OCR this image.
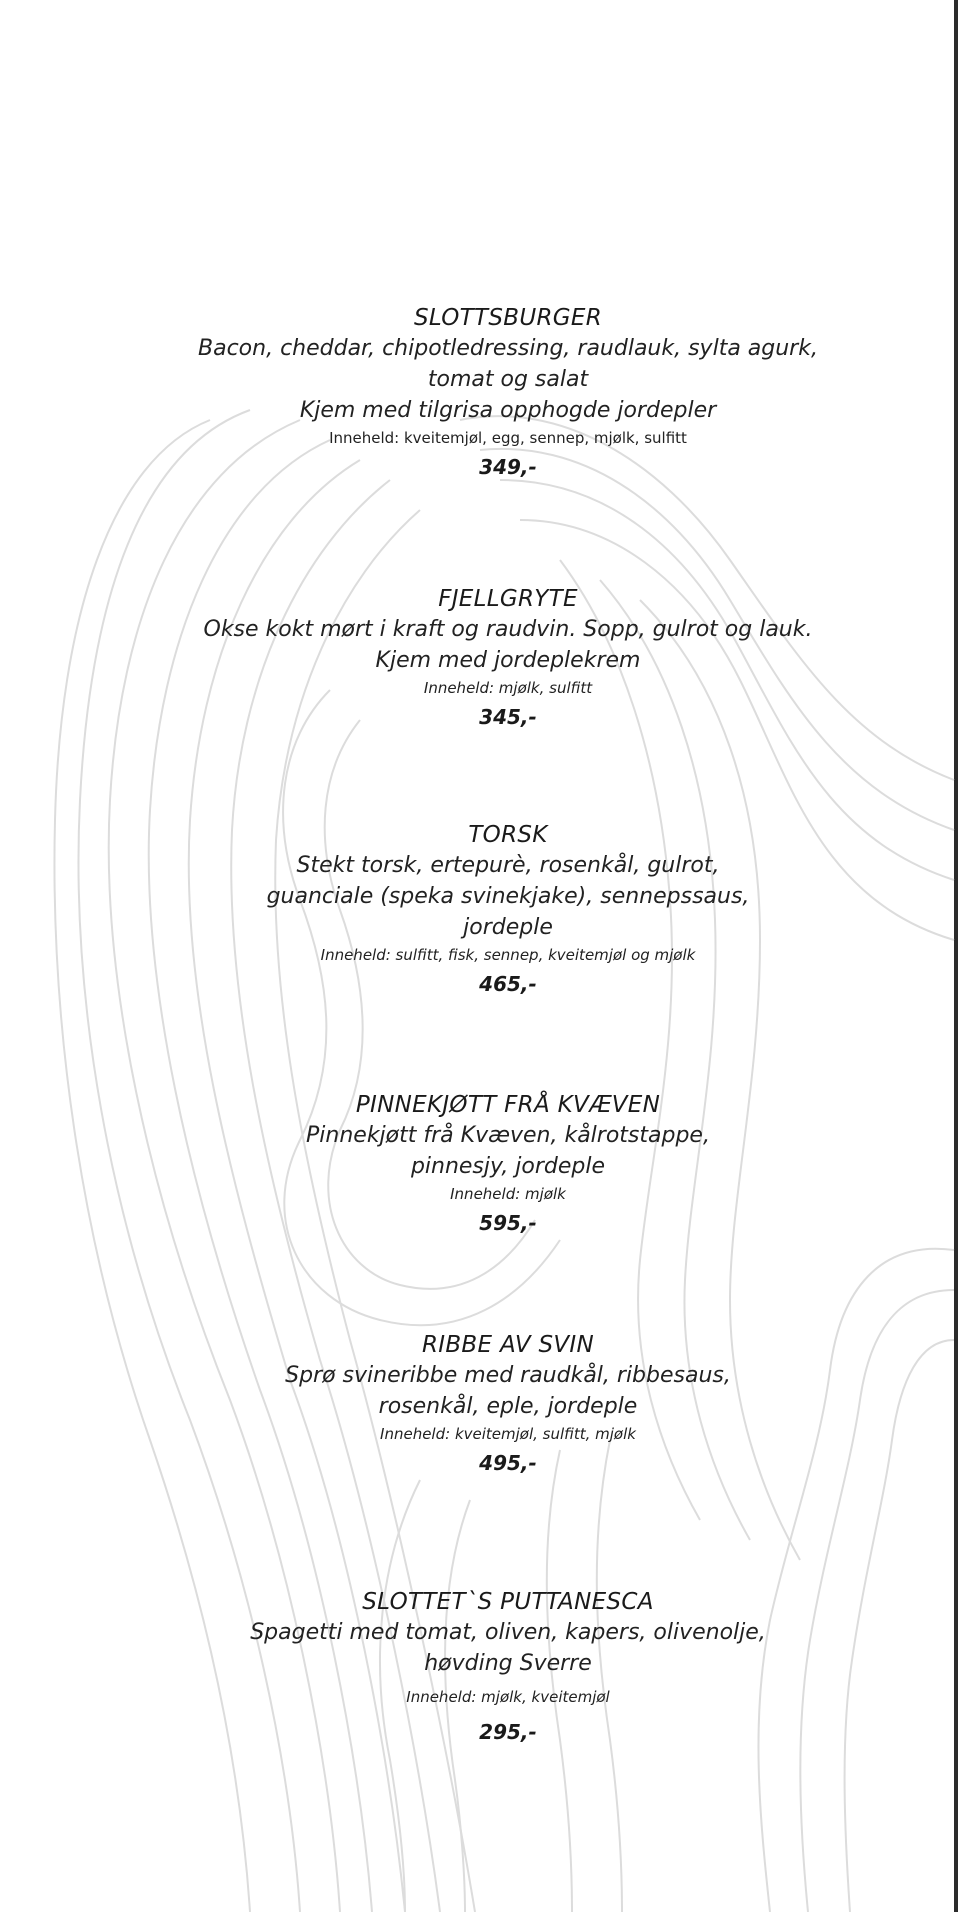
SLOTTSBURGER

Bacon, cheddar, chipotledressing, raudlauk, sylta agurk,

tomat og salat

Kjem med tilgrisa opphogde jordepler

Inneheld: kveitemjøl, egg, sennep, mjølk, sulfitt

349,-

FJELLGRYTE

Okse kokt mørt i kraft og raudvin. Sopp, gulrot og lauk.

Kjem med jordeplekrem

Inneheld: mjølk, sulfitt

345,-

TORSK

Stekt torsk, ertepurè, rosenkål, gulrot,

guanciale (speka svinekjake), sennepssaus,

jordeple

Inneheld: sulfitt, fisk, sennep, kveitemjøl og mjølk

465,-

PINNEKJØTT FRÅ KVÆVEN

Pinnekjøtt frå Kvæven, kålrotstappe,

pinnesjy, jordeple

Inneheld: mjølk

595,-

RIBBE AV SVIN

Sprø svineribbe med raudkål, ribbesaus,

rosenkål, eple, jordeple

Inneheld: kveitemjøl, sulfitt, mjølk

495,-

SLOTTET`S PUTTANESCA

Spagetti med tomat, oliven, kapers, olivenolje,

høvding Sverre

Inneheld: mjølk, kveitemjøl

295,-
